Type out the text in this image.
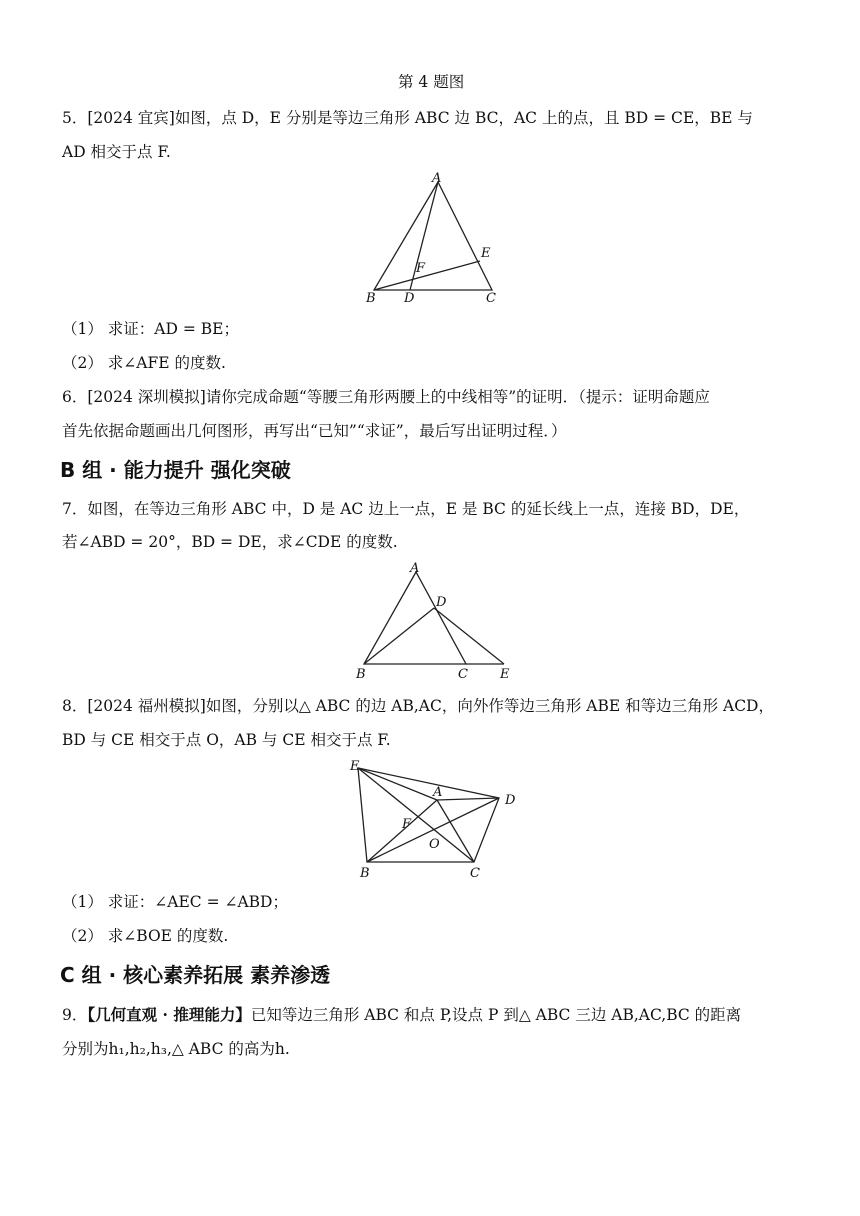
第 4 题图
5．[2024 宜宾]如图，点 D，E 分别是等边三角形 ABC 边 BC，AC 上的点，且 BD = CE，BE 与
AD 相交于点 F.
A
B D	C
E
F
（1） 求证：AD = BE；
（2） 求∠AFE 的度数.
6．[2024 深圳模拟]请你完成命题“等腰三角形两腰上的中线相等”的证明．（提示：证明命题应
首先依据命题画出几何图形，再写出“已知”“求证”，最后写出证明过程．）
B 组 · 能力提升 强化突破
7．如图，在等边三角形 ABC 中，D 是 AC 边上一点，E 是 BC 的延长线上一点，连接 BD，DE，
若∠ABD = 20°，BD = DE，求∠CDE 的度数.
A
D
B	C E
8．[2024 福州模拟]如图，分别以△ ABC 的边 AB,AC，向外作等边三角形 ABE 和等边三角形 ACD，
BD 与 CE 相交于点 O，AB 与 CE 相交于点 F.
E
A
D
F
O
B	C
（1） 求证：∠AEC = ∠ABD；
（2） 求∠BOE 的度数.
C 组 · 核心素养拓展 素养渗透
9．【几何直观 · 推理能力】已知等边三角形 ABC 和点 P,设点 P 到△ ABC 三边 AB,AC,BC 的距离
分别为h₁,h₂,h₃,△ ABC 的高为h.
